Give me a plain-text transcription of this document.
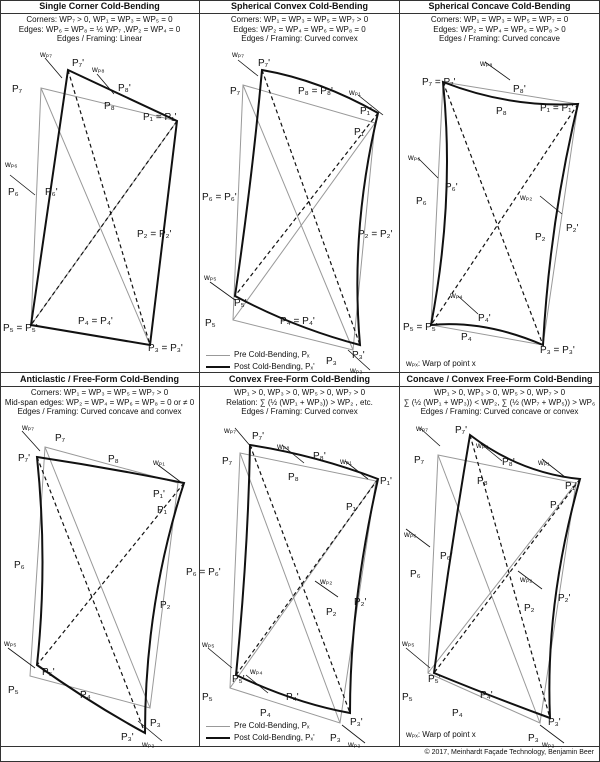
Single Corner Cold-Bending
Corners: WP₇ > 0, WP₁ = WP₃ = WP₅ = 0
Edges: WP₆ = WP₈ = ½ WP₇ ,WP₂ = WP₄ = 0
Edges / Framing: Linear
P₇
P₇'
wₚ₇
wₚ₈
P₈'
P₈
P₁ = P₁'
wₚ₆
P₆	P₆'
P₂ = P₂'
P₅ = P₅'
P₄ = P₄'
P₃ = P₃'
Spherical Convex Cold-Bending
Corners: WP₁ = WP₃ = WP₅ = WP₇ > 0
Edges: WP₂ = WP₄ = WP₆ = WP₈ = 0
Edges / Framing: Curved convex
wₚ₇
P₇'
P₇	P₈ = P₈' wₚ₁
P₁
P₁'
P₆ = P₆'
P₂ = P₂'
wₚ₅
P₅'
P₅	P₄ = P₄'
P₃'
P₃
wₚ₃
Pre Cold-Bending, Pₓ
Post Cold-Bending, Pₓ'
Spherical Concave Cold-Bending
Corners: WP₁ = WP₃ = WP₅ = WP₇ = 0
Edges: WP₂ = WP₄ = WP₆ = WP₈ > 0
Edges / Framing: Curved concave
wₚ₈
P₇ = P₇'
P₈'
P₈	P₁ = P₁'
wₚ₆
P₆'
P₆	wₚ₂
P₂'
P₂
wₚ₄
P₅ = P₅'
P₄'
P₄
P₃ = P₃'
wₚₓ: Warp of point x
Anticlastic / Free-Form Cold-Bending
Corners: WP₁ = WP₃ = WP₅ = WP₇ > 0
Mid-span edges: WP₂ = WP₄ = WP₆ = WP₈ = 0 or ≠ 0
Edges / Framing: Curved concave and convex
wₚ₇
P₇
P₇'	P₈	wₚ₁
P₁'
P₁
P₆
P₂
wₚ₅
P₅'
P₅	P₄
P₃
P₃'
wₚ₃
Convex Free-Form Cold-Bending
WP₁ > 0, WP₃ > 0, WP₅ > 0, WP₇ > 0
Relation: ∑ (½ (WP₁ + WP₃)) > WP₂ , etc.
Edges / Framing: Curved convex
wₚ₇
P₇'
P₇
wₚ₈
P₈'
P₈
wₚ₁
P₁'
P₁
P₆ = P₆'
wₚ₂
P₂'
P₂
wₚ₅
P₅'
wₚ₄
P₅	P₄'
P₄
P₃'
P₃
wₚ₃
Pre Cold-Bending, Pₓ
Post Cold-Bending, Pₓ'
Concave / Convex Free-Form Cold-Bending
WP₁ > 0, WP₃ > 0, WP₅ > 0, WP₇ > 0
∑ (½ (WP₁ + WP₃)) < WP₂, ∑ (½ (WP₇ + WP₅)) > WP₆
Edges / Framing: Curved concave or convex
wₚ₇	P₇'
P₇
wₚ₈
P₈'
P₈
wₚ₁
P₁'
P₁
wₚ₆
P₆'
P₆	wₚ₂
P₂'
P₂
wₚ₅
P₅'
P₅	P₄'
P₄
P₃'
P₃
wₚ₃
wₚₓ: Warp of point x
© 2017, Meinhardt Façade Technology, Benjamin Beer
